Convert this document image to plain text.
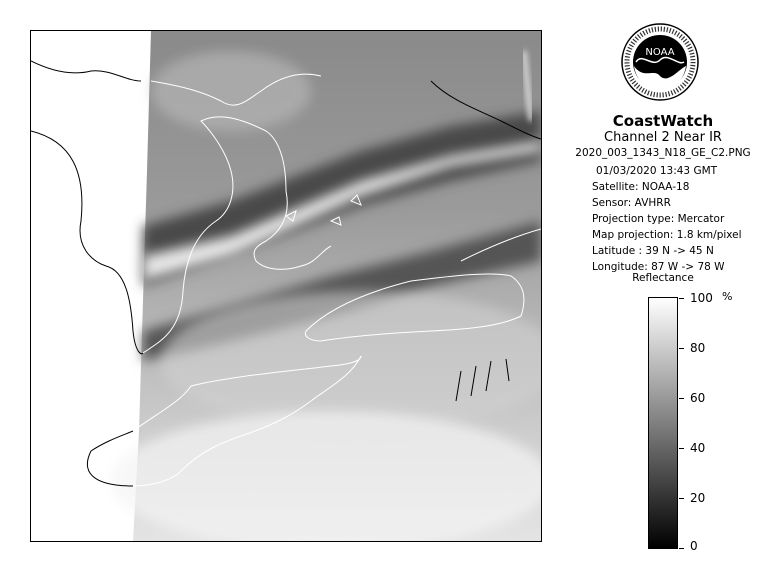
NOAA
CoastWatch
Channel 2 Near IR
2020_003_1343_N18_GE_C2.PNG
01/03/2020 13:43 GMT
Satellite: NOAA-18
Sensor: AVHRR
Projection type: Mercator
Map projection: 1.8 km/pixel
Latitude : 39 N -> 45 N
Longitude: 87 W -> 78 W
Reflectance
%
100
80
60
40
20
0
